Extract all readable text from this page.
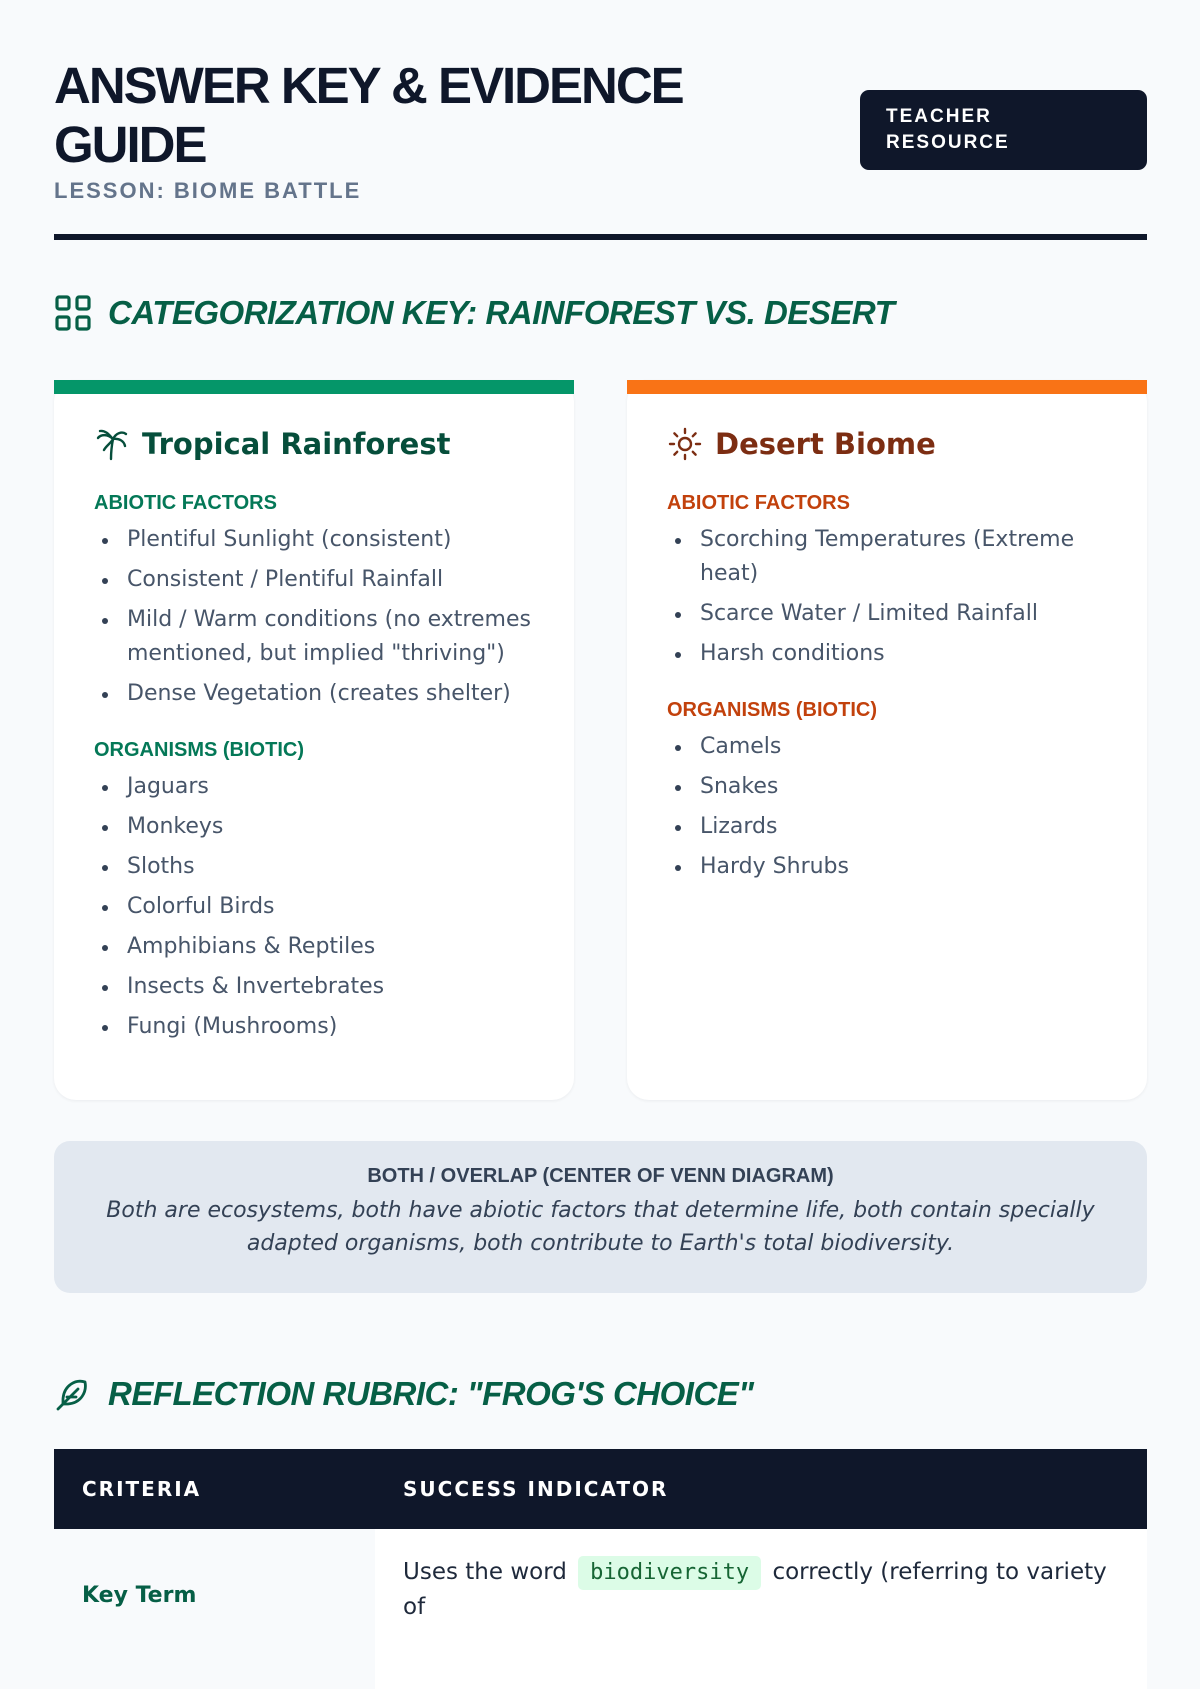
ANSWER KEY & EVIDENCE GUIDE
LESSON: BIOME BATTLE
TEACHER RESOURCE
CATEGORIZATION KEY: RAINFOREST VS. DESERT
Tropical Rainforest
ABIOTIC FACTORS
Plentiful Sunlight (consistent)
Consistent / Plentiful Rainfall
Mild / Warm conditions (no extremes mentioned, but implied "thriving")
Dense Vegetation (creates shelter)
ORGANISMS (BIOTIC)
Jaguars
Monkeys
Sloths
Colorful Birds
Amphibians & Reptiles
Insects & Invertebrates
Fungi (Mushrooms)
Desert Biome
ABIOTIC FACTORS
Scorching Temperatures (Extreme heat)
Scarce Water / Limited Rainfall
Harsh conditions
ORGANISMS (BIOTIC)
Camels
Snakes
Lizards
Hardy Shrubs
BOTH / OVERLAP (CENTER OF VENN DIAGRAM)

Both are ecosystems, both have abiotic factors that determine life, both contain specially adapted organisms, both contribute to Earth's total biodiversity.

REFLECTION RUBRIC: "FROG'S CHOICE"
CRITERIA	SUCCESS INDICATOR
Key Term
Uses the word biodiversity correctly (referring to variety of
